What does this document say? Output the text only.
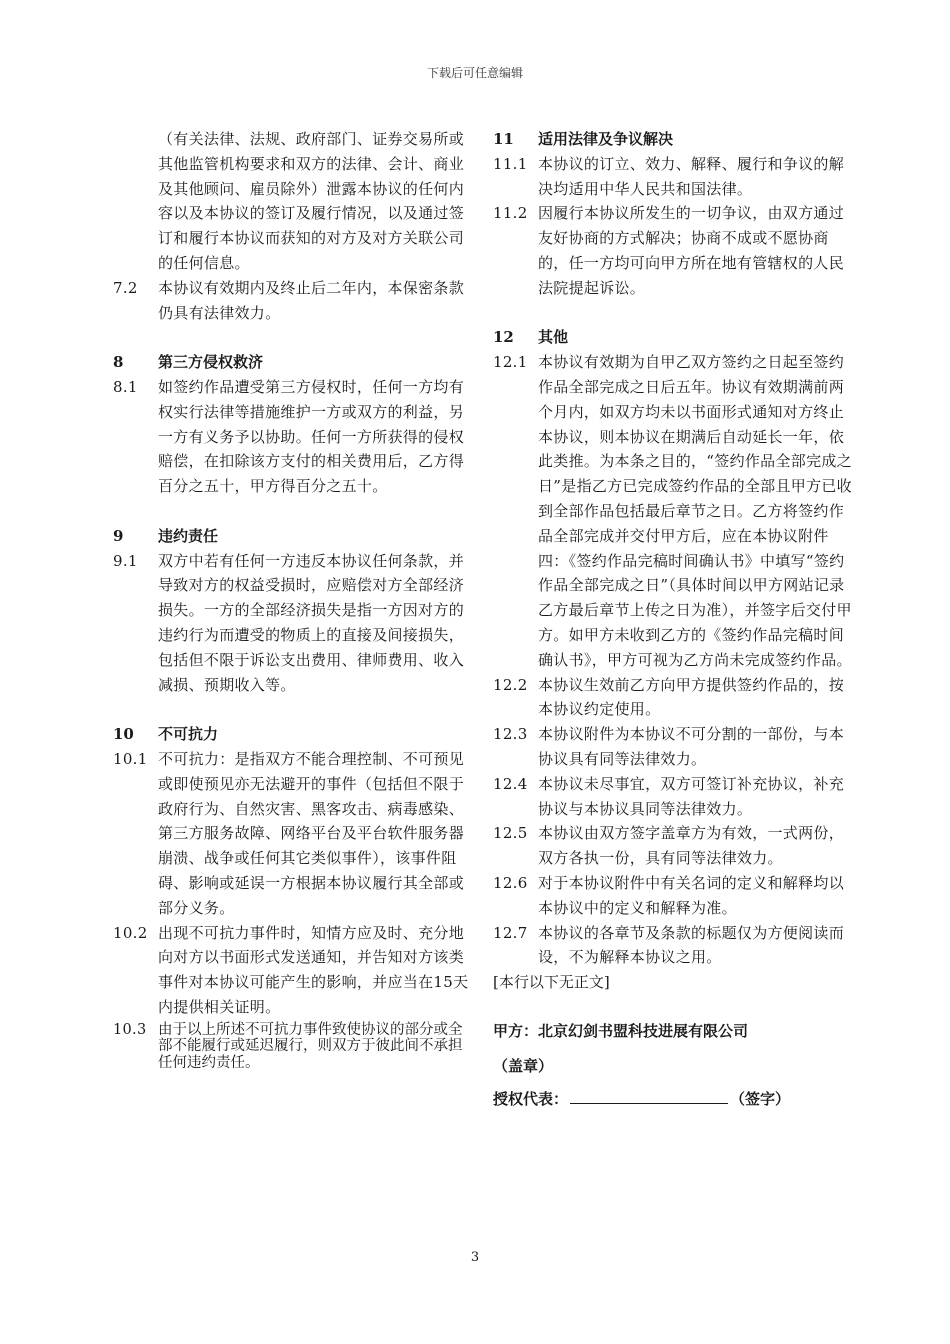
下载后可任意编辑
（有关法律、法规、政府部门、证券交易所或其他监管机构要求和双方的法律、会计、商业及其他顾问、雇员除外）泄露本协议的任何内容以及本协议的签订及履行情况，以及通过签订和履行本协议而获知的对方及对方关联公司的任何信息。
7.2	本协议有效期内及终止后二年内，本保密条款仍具有法律效力。
8	第三方侵权救济
8.1	如签约作品遭受第三方侵权时，任何一方均有权实行法律等措施维护一方或双方的利益，另一方有义务予以协助。任何一方所获得的侵权赔偿，在扣除该方支付的相关费用后，乙方得百分之五十，甲方得百分之五十。
9	违约责任
9.1	双方中若有任何一方违反本协议任何条款，并导致对方的权益受损时，应赔偿对方全部经济损失。一方的全部经济损失是指一方因对方的违约行为而遭受的物质上的直接及间接损失，包括但不限于诉讼支出费用、律师费用、收入减损、预期收入等。
10	不可抗力
10.1 不可抗力：是指双方不能合理控制、不可预见或即使预见亦无法避开的事件（包括但不限于政府行为、自然灾害、黑客攻击、病毒感染、第三方服务故障、网络平台及平台软件服务器崩溃、战争或任何其它类似事件），该事件阻碍、影响或延误一方根据本协议履行其全部或部分义务。
10.2 出现不可抗力事件时，知情方应及时、充分地向对方以书面形式发送通知，并告知对方该类事件对本协议可能产生的影响，并应当在15天内提供相关证明。
10.3 由于以上所述不可抗力事件致使协议的部分或全部不能履行或延迟履行，则双方于彼此间不承担任何违约责任。
11	适用法律及争议解决
11.1 本协议的订立、效力、解释、履行和争议的解决均适用中华人民共和国法律。
11.2 因履行本协议所发生的一切争议，由双方通过友好协商的方式解决；协商不成或不愿协商的，任一方均可向甲方所在地有管辖权的人民法院提起诉讼。
12	其他
12.1 本协议有效期为自甲乙双方签约之日起至签约作品全部完成之日后五年。协议有效期满前两个月内，如双方均未以书面形式通知对方终止本协议，则本协议在期满后自动延长一年，依此类推。为本条之目的，“签约作品全部完成之日”是指乙方已完成签约作品的全部且甲方已收到全部作品包括最后章节之日。乙方将签约作品全部完成并交付甲方后，应在本协议附件四：《签约作品完稿时间确认书》中填写“签约作品全部完成之日”（具体时间以甲方网站记录乙方最后章节上传之日为准），并签字后交付甲方。如甲方未收到乙方的《签约作品完稿时间确认书》，甲方可视为乙方尚未完成签约作品。
12.2 本协议生效前乙方向甲方提供签约作品的，按本协议约定使用。
12.3 本协议附件为本协议不可分割的一部份，与本协议具有同等法律效力。
12.4 本协议未尽事宜，双方可签订补充协议，补充协议与本协议具同等法律效力。
12.5 本协议由双方签字盖章方为有效，一式两份，双方各执一份，具有同等法律效力。
12.6 对于本协议附件中有关名词的定义和解释均以本协议中的定义和解释为准。
12.7 本协议的各章节及条款的标题仅为方便阅读而设，不为解释本协议之用。
[本行以下无正文]
甲方：北京幻剑书盟科技进展有限公司
（盖章）
授权代表：	（签字）
3
